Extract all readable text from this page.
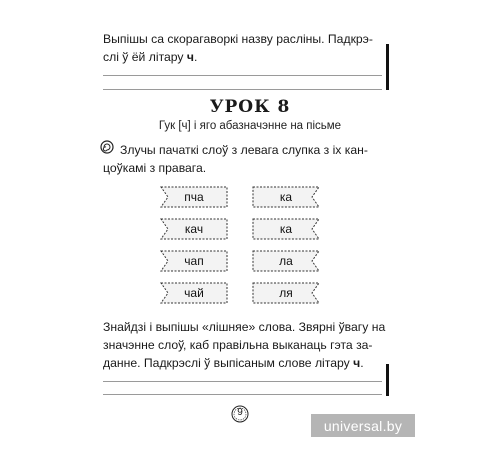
Выпішы са скорагаворкі назву расліны. Падкрэ-
слі ў ёй літару ч.
УРОК 8
Гук [ч] і яго абазначэнне на пісьме
Злучы пачаткі слоў з левага слупка з іх кан-
цоўкамі з правага.
пча
кач
чап
чай
ка
ка
ла
ля
Знайдзі і выпішы «лішняе» слова. Звярні ўвагу на
значэнне слоў, каб правільна выканаць гэта за-
данне. Падкрэслі ў выпісаным слове літару ч.
9
universal.by
